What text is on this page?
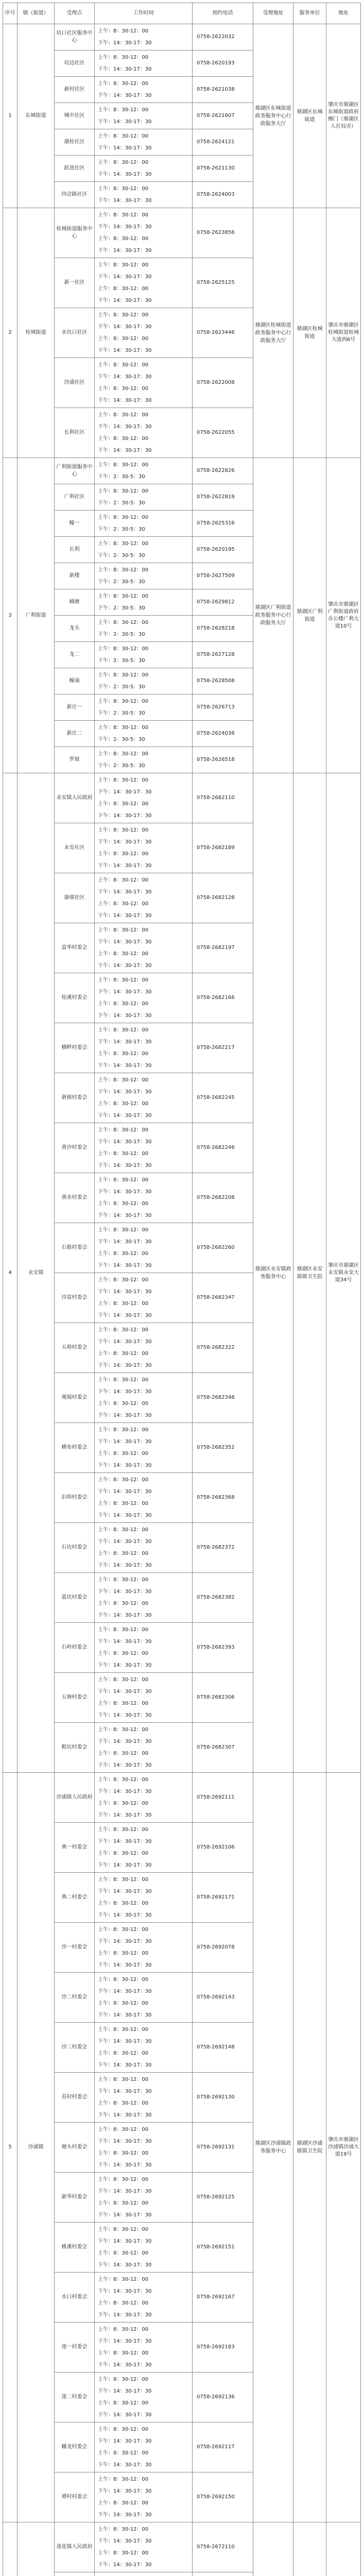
序号	镇（街道）	受理点	工作时间	预约电话	受理地址	服务单位	地址
1	东城街道	坑口社区服务中心	上午：8：30-12：00
下午：14：30-17：30	0758-2622032	鼎湖区东城街道政务服务中心行政服务大厅	鼎湖区东城街道	肇庆市鼎湖区东城街道政府侧门（鼎湖区人社局旁）
		坑边社区	上午：8：30-12：00
下午：14：30-17：30	0758-2620193			
		新村社区	上午：8：30-12：00
下午：14：30-17：30	0758-2621038			
		城中社区	上午：8：30-12：00
下午：14：30-17：30	0758-2621607			
		康桂社区	上午：8：30-12：00
下午：14：30-17：30	0758-2624121			
		跃进社区	上午：8：30-12：00
下午：14：30-17：30	0758-2621130			
		四会路社区	上午：8：30-12：00
下午：14：30-17：30	0758-2624003			
2	桂城街道	桂城街道服务中心	上午：8：30-12：00
下午：14：30-17：30
上午：8：30-12：00
下午：14：30-17：30	0758-2623856	鼎湖区桂城街道政务服务中心行政服务大厅	鼎湖区桂城街道	肇庆市鼎湖区桂城街道桂城大道西6号
		新一社区	上午：8：30-12：00
下午：14：30-17：30
上午：8：30-12：00
下午：14：30-17：30	0758-2625125			
		水坑口社区	上午：8：30-12：00
下午：14：30-17：30
上午：8：30-12：00
下午：14：30-17：30	0758-2623446			
		沙浦社区	上午：8：30-12：00
下午：14：30-17：30
上午：8：30-12：00
下午：14：30-17：30	0758-2622008			
		长利社区	上午：8：30-12：00
下午：14：30-17：30
上午：8：30-12：00
下午：14：30-17：30	0758-2622055			
3	广利街道	广利街道服务中心	上午：8：30-12：00
下午：2：30-5：30	0758-2622826	鼎湖区广利街道政务服务中心行政服务大厅	鼎湖区广利街道	肇庆市鼎湖区广利街道政府办公楼广利大道10号
		广利社区	上午：8：30-12：00
下午：2：30-5：30	0758-2622819			
		蠔一	上午：8：30-12：00
下午：2：30-5：30	0758-2625316			
		长利	上午：8：30-12：00
下午：2：30-5：30	0758-2620195			
		新楼	上午：8：30-12：00
下午：2：30-5：30	0758-2627509			
		楠塘	上午：8：30-12：00
下午：2：30-5：30	0758-2629812			
		龙头	上午：8：30-12：00
下午：2：30-5：30	0758-2628218			
		龙二	上午：8：30-12：00
下午：2：30-5：30	0758-2627128			
		蠔涌	上午：8：30-12：00
下午：2：30-5：30	0758-2628508			
		新庄一	上午：8：30-12：00
下午：2：30-5：30	0758-2626713			
		新庄二	上午：8：30-12：00
下午：2：30-5：30	0758-2624038			
		罗坡	上午：8：30-12：00
下午：2：30-5：30	0758-2626518			
4	永安镇	永安镇人民政府	上午：8：30-12：00
下午：14：30-17：30
上午：8：30-12：00
下午：14：30-17：30	0758-2682110	鼎湖区永安镇政务服务中心	鼎湖区永安镇镇卫生院	肇庆市鼎湖区永安镇永安大道34号
		永安社区	上午：8：30-12：00
下午：14：30-17：30
上午：8：30-12：00
下午：14：30-17：30	0758-2682189			
		康郁社区	上午：8：30-12：00
下午：14：30-17：30
上午：8：30-12：00
下午：14：30-17：30	0758-2682128			
		富华村委会	上午：8：30-12：00
下午：14：30-17：30
上午：8：30-12：00
下午：14：30-17：30	0758-2682197			
		桂溪村委会	上午：8：30-12：00
下午：14：30-17：30
上午：8：30-12：00
下午：14：30-17：30	0758-2682166			
		横畔村委会	上午：8：30-12：00
下午：14：30-17：30
上午：8：30-12：00
下午：14：30-17：30	0758-2682217			
		新榕村委会	上午：8：30-12：00
下午：14：30-17：30
上午：8：30-12：00
下午：14：30-17：30	0758-2682245			
		黄沙村委会	上午：8：30-12：00
下午：14：30-17：30
上午：8：30-12：00
下午：14：30-17：30	0758-2682246			
		黄水村委会	上午：8：30-12：00
下午：14：30-17：30
上午：8：30-12：00
下午：14：30-17：30	0758-2682208			
		石船村委会	上午：8：30-12：00
下午：14：30-17：30
上午：8：30-12：00
下午：14：30-17：30	0758-2682260			
		沙富村委会	上午：8：30-12：00
下午：14：30-17：30
上午：8：30-12：00
下午：14：30-17：30	0758-2682347			
		五埠村委会	上午：8：30-12：00
下午：14：30-17：30
上午：8：30-12：00
下午：14：30-17：30	0758-2682322			
		观瑞村委会	上午：8：30-12：00
下午：14：30-17：30
上午：8：30-12：00
下午：14：30-17：30	0758-2682348			
		横布村委会	上午：8：30-12：00
下午：14：30-17：30
上午：8：30-12：00
下午：14：30-17：30	0758-2682352			
		旧埠村委会	上午：8：30-12：00
下午：14：30-17：30
上午：8：30-12：00
下午：14：30-17：30	0758-2682368			
		石坑村委会	上午：8：30-12：00
下午：14：30-17：30
上午：8：30-12：00
下午：14：30-17：30	0758-2682372			
		蓝坑村委会	上午：8：30-12：00
下午：14：30-17：30
上午：8：30-12：00
下午：14：30-17：30	0758-2682382			
		石岭村委会	上午：8：30-12：00
下午：14：30-17：30
上午：8：30-12：00
下午：14：30-17：30	0758-2682393			
		五塘村委会	上午：8：30-12：00
下午：14：30-17：30
上午：8：30-12：00
下午：14：30-17：30	0758-2682306			
		粗坑村委会	上午：8：30-12：00
下午：14：30-17：30
上午：8：30-12：00
下午：14：30-17：30	0758-2682307			
5	沙浦镇	沙浦镇人民政府	上午：8：30-12：00
下午：14：30-17：30
上午：8：30-12：00
下午：14：30-17：30	0758-2692111	鼎湖区沙浦镇政务服务中心	鼎湖区沙浦镇镇卫生院	肇庆市鼎湖区沙浦镇沙浦大道19号
		典一村委会	上午：8：30-12：00
下午：14：30-17：30
上午：8：30-12：00
下午：14：30-17：30	0758-2692106			
		典二村委会	上午：8：30-12：00
下午：14：30-17：30
上午：8：30-12：00
下午：14：30-17：30	0758-2692171			
		沙一村委会	上午：8：30-12：00
下午：14：30-17：30
上午：8：30-12：00
下午：14：30-17：30	0758-2692078			
		沙二村委会	上午：8：30-12：00
下午：14：30-17：30
上午：8：30-12：00
下午：14：30-17：30	0758-2692143			
		沙三村委会	上午：8：30-12：00
下午：14：30-17：30
上午：8：30-12：00
下午：14：30-17：30	0758-2692148			
		苏村村委会	上午：8：30-12：00
下午：14：30-17：30
上午：8：30-12：00
下午：14：30-17：30	0758-2692130			
		塘头村委会	上午：8：30-12：00
下午：14：30-17：30
上午：8：30-12：00
下午：14：30-17：30	0758-2692131			
		新华村委会	上午：8：30-12：00
下午：14：30-17：30
上午：8：30-12：00
下午：14：30-17：30	0758-2692125			
		桃溪村委会	上午：8：30-12：00
下午：14：30-17：30
上午：8：30-12：00
下午：14：30-17：30	0758-2692151			
		水口村委会	上午：8：30-12：00
下午：14：30-17：30
上午：8：30-12：00
下午：14：30-17：30	0758-2692167			
		莲一村委会	上午：8：30-12：00
下午：14：30-17：30
上午：8：30-12：00
下午：14：30-17：30	0758-2692183			
		莲二村委会	上午：8：30-12：00
下午：14：30-17：30
上午：8：30-12：00
下午：14：30-17：30	0758-2692136			
		蟠龙村委会	上午：8：30-12：00
下午：14：30-17：30
上午：8：30-12：00
下午：14：30-17：30	0758-2692117			
		谭村村委会	上午：8：30-12：00
下午：14：30-17：30
上午：8：30-12：00
下午：14：30-17：30	0758-2692150			
		莲花镇人民政府	上午：8：30-12：00
下午：14：30-17：30
上午：8：30-12：00
下午：14：30-17：30	0758-2672110			
